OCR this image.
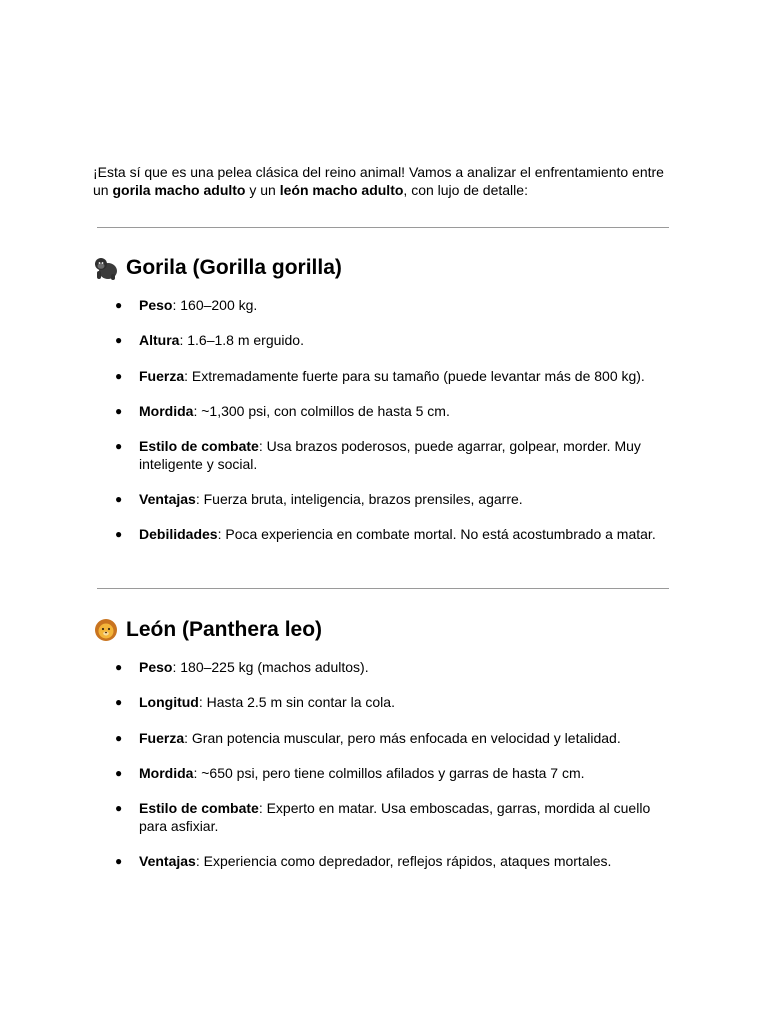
¡Esta sí que es una pelea clásica del reino animal! Vamos a analizar el enfrentamiento entre un gorila macho adulto y un león macho adulto, con lujo de detalle:

Gorila (Gorilla gorilla)
● Peso: 160–200 kg.
● Altura: 1.6–1.8 m erguido.
● Fuerza: Extremadamente fuerte para su tamaño (puede levantar más de 800 kg).
● Mordida: ~1,300 psi, con colmillos de hasta 5 cm.
● Estilo de combate: Usa brazos poderosos, puede agarrar, golpear, morder. Muy inteligente y social.
● Ventajas: Fuerza bruta, inteligencia, brazos prensiles, agarre.
● Debilidades: Poca experiencia en combate mortal. No está acostumbrado a matar.
León (Panthera leo)
● Peso: 180–225 kg (machos adultos).
● Longitud: Hasta 2.5 m sin contar la cola.
● Fuerza: Gran potencia muscular, pero más enfocada en velocidad y letalidad.
● Mordida: ~650 psi, pero tiene colmillos afilados y garras de hasta 7 cm.
● Estilo de combate: Experto en matar. Usa emboscadas, garras, mordida al cuello para asfixiar.
● Ventajas: Experiencia como depredador, reflejos rápidos, ataques mortales.
